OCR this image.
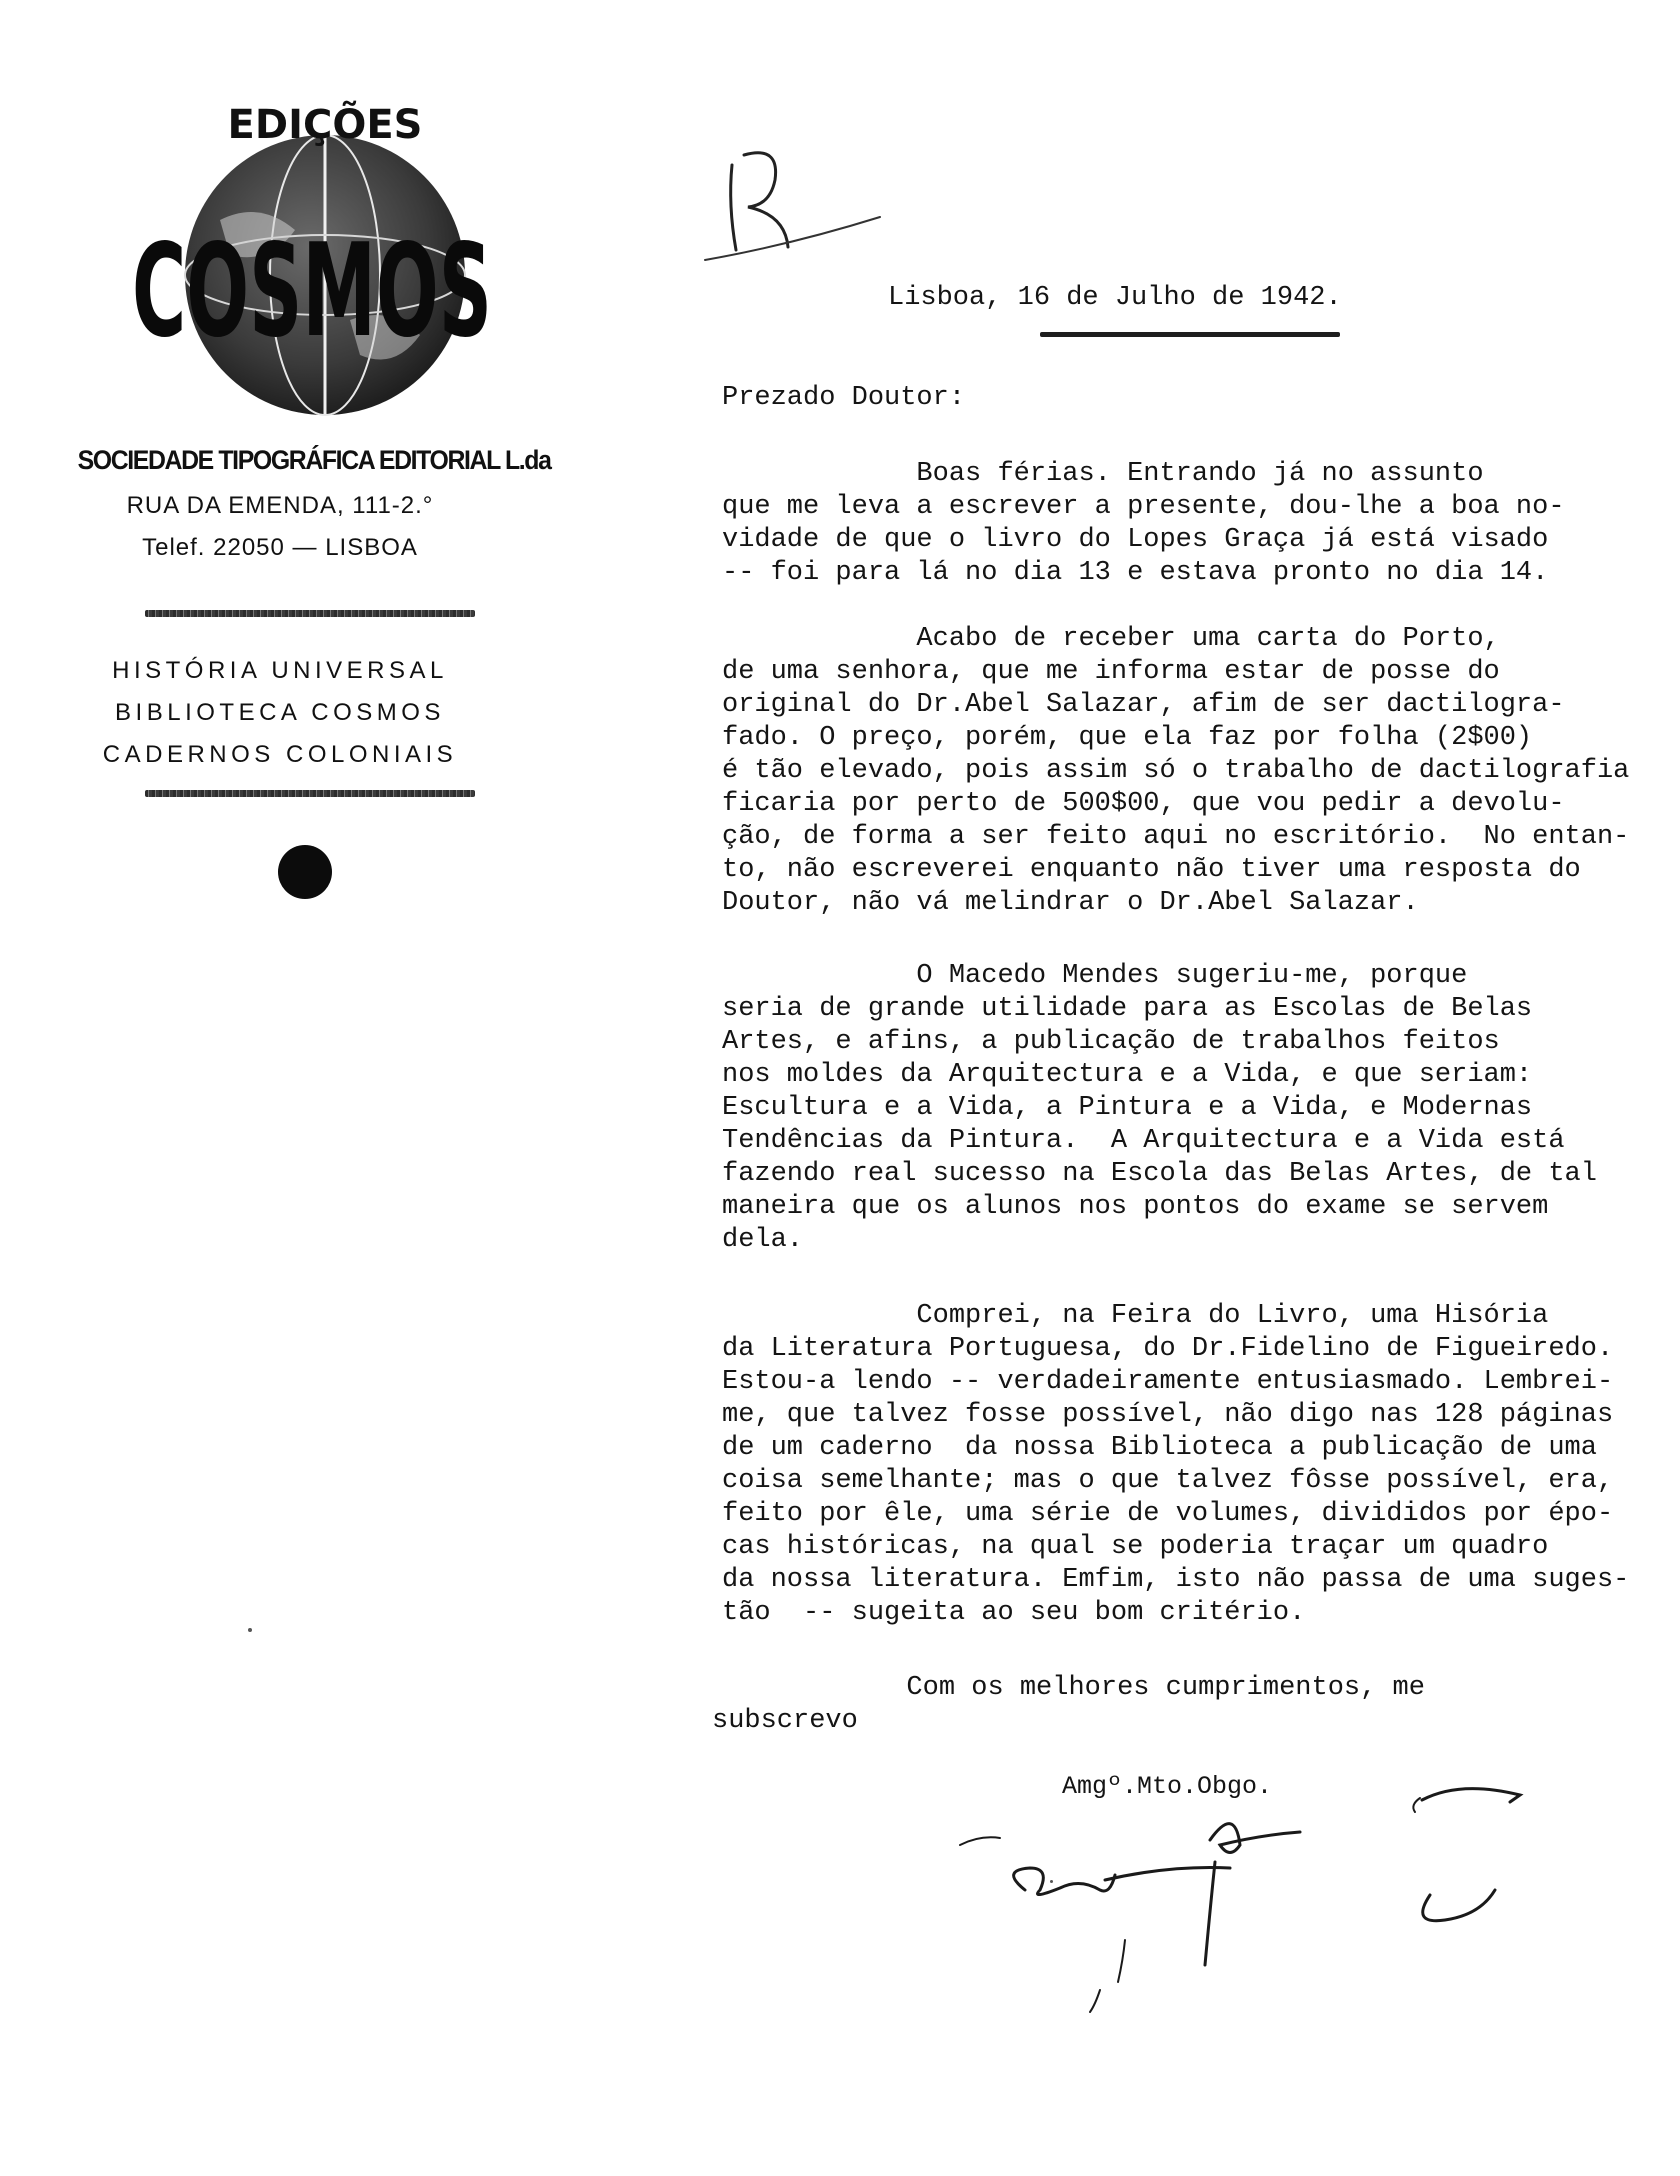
EDIÇÕES
COSMOS
SOCIEDADE TIPOGRÁFICA EDITORIAL L.da
RUA DA EMENDA, 111-2.°
Telef. 22050 — LISBOA
HISTÓRIA UNIVERSAL
BIBLIOTECA COSMOS
CADERNOS COLONIAIS
Lisboa, 16 de Julho de 1942.
Prezado Doutor:

Boas férias. Entrando já no assunto
que me leva a escrever a presente, dou-lhe a boa no-
vidade de que o livro do Lopes Graça já está visado
-- foi para lá no dia 13 e estava pronto no dia 14.

Acabo de receber uma carta do Porto,
de uma senhora, que me informa estar de posse do
original do Dr.Abel Salazar, afim de ser dactilogra-
fado. O preço, porém, que ela faz por folha (2$00)
é tão elevado, pois assim só o trabalho de dactilografia
ficaria por perto de 500$00, que vou pedir a devolu-
ção, de forma a ser feito aqui no escritório.  No entan-
to, não escreverei enquanto não tiver uma resposta do
Doutor, não vá melindrar o Dr.Abel Salazar.

O Macedo Mendes sugeriu-me, porque
seria de grande utilidade para as Escolas de Belas
Artes, e afins, a publicação de trabalhos feitos
nos moldes da Arquitectura e a Vida, e que seriam:
Escultura e a Vida, a Pintura e a Vida, e Modernas
Tendências da Pintura.  A Arquitectura e a Vida está
fazendo real sucesso na Escola das Belas Artes, de tal
maneira que os alunos nos pontos do exame se servem
dela.

Comprei, na Feira do Livro, uma Hisória
da Literatura Portuguesa, do Dr.Fidelino de Figueiredo.
Estou-a lendo -- verdadeiramente entusiasmado. Lembrei-
me, que talvez fosse possível, não digo nas 128 páginas
de um caderno  da nossa Biblioteca a publicação de uma
coisa semelhante; mas o que talvez fôsse possível, era,
feito por êle, uma série de volumes, divididos por épo-
cas históricas, na qual se poderia traçar um quadro
da nossa literatura. Emfim, isto não passa de uma suges-
tão  -- sugeita ao seu bom critério.

Com os melhores cumprimentos, me
subscrevo

Amgº.Mto.Obgo.
